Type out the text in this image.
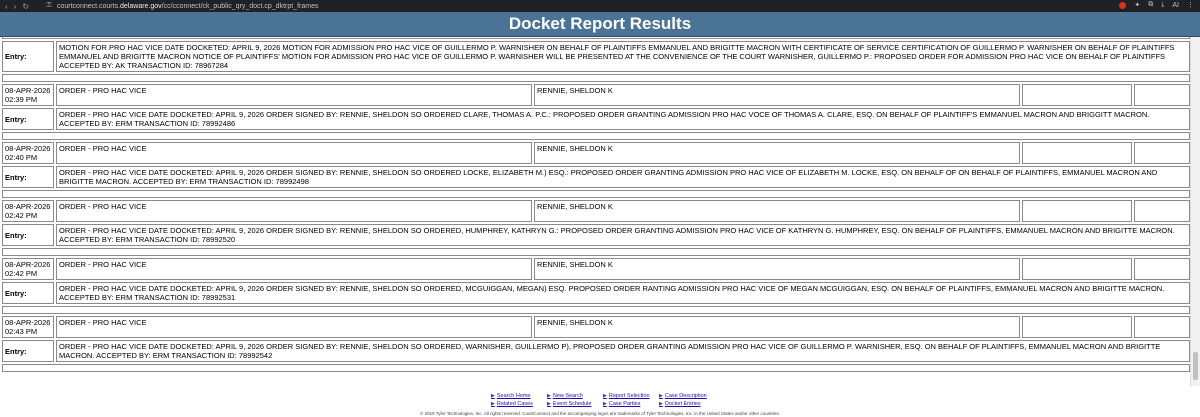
‹ › ↻ ⚿ courtconnect.courts.delaware.gov/cc/cconnect/ck_public_qry_doct.cp_dktrpt_frames	✦ ⧉ ⤓ AI ⋮
Docket Report Results

Entry:	MOTION FOR PRO HAC VICE DATE DOCKETED: APRIL 9, 2026 MOTION FOR ADMISSION PRO HAC VICE OF GUILLERMO P. WARNISHER ON BEHALF OF PLAINTIFFS EMMANUEL AND BRIGITTE MACRON WITH CERTIFICATE OF SERVICE CERTIFICATION OF GUILLERMO P. WARNISHER ON BEHALF OF PLAINTIFFS EMMANUEL AND BRIGITTE MACRON NOTICE OF PLAINTIFFS' MOTION FOR ADMISSION PRO HAC VICE OF GUILLERMO P. WARNISHER WILL BE PRESENTED AT THE CONVENIENCE OF THE COURT WARNISHER, GUILLERMO P.: PROPOSED ORDER FOR ADMISSION PRO HAC VICE ON BEHALF OF PLAINTIFFS ACCEPTED BY: AK TRANSACTION ID: 78967284			

08-APR-2026
02:39 PM	ORDER - PRO HAC VICE	RENNIE, SHELDON K		
Entry:	ORDER - PRO HAC VICE DATE DOCKETED: APRIL 9, 2026 ORDER SIGNED BY: RENNIE, SHELDON SO ORDERED CLARE, THOMAS A. P.C.: PROPOSED ORDER GRANTING ADMISSION PRO HAC VOCE OF THOMAS A. CLARE, ESQ. ON BEHALF OF PLAINTIFF'S EMMANUEL MACRON AND BRIGGITT MACRON. ACCEPTED BY: ERM TRANSACTION ID: 78992486			

08-APR-2026
02:40 PM	ORDER - PRO HAC VICE	RENNIE, SHELDON K		
Entry:	ORDER - PRO HAC VICE DATE DOCKETED: APRIL 9, 2026 ORDER SIGNED BY: RENNIE, SHELDON SO ORDERED LOCKE, ELIZABETH M.) ESQ.: PROPOSED ORDER GRANTING ADMISSION PRO HAC VICE OF ELIZABETH M. LOCKE, ESQ. ON BEHALF OF ON BEHALF OF PLAINTIFFS, EMMANUEL MACRON AND BRIGITTE MACRON. ACCEPTED BY: ERM TRANSACTION ID: 78992498			

08-APR-2026
02:42 PM	ORDER - PRO HAC VICE	RENNIE, SHELDON K		
Entry:	ORDER - PRO HAC VICE DATE DOCKETED: APRIL 9, 2026 ORDER SIGNED BY: RENNIE, SHELDON SO ORDERED, HUMPHREY, KATHRYN G.: PROPOSED ORDER GRANTING ADMISSION PRO HAC VICE OF KATHRYN G. HUMPHREY, ESQ. ON BEHALF OF PLAINTIFFS, EMMANUEL MACRON AND BRIGITTE MACRON. ACCEPTED BY: ERM TRANSACTION ID: 78992520			

08-APR-2026
02:42 PM	ORDER - PRO HAC VICE	RENNIE, SHELDON K		
Entry:	ORDER - PRO HAC VICE DATE DOCKETED: APRIL 9, 2026 ORDER SIGNED BY: RENNIE, SHELDON SO ORDERED, MCGUIGGAN, MEGAN) ESQ. PROPOSED ORDER RANTING ADMISSION PRO HAC VICE OF MEGAN MCGUIGGAN, ESQ. ON BEHALF OF PLAINTIFFS, EMMANUEL MACRON AND BRIGITTE MACRON. ACCEPTED BY: ERM TRANSACTION ID: 78992531			

08-APR-2026
02:43 PM	ORDER - PRO HAC VICE	RENNIE, SHELDON K		
Entry:	ORDER - PRO HAC VICE DATE DOCKETED: APRIL 9, 2026 ORDER SIGNED BY: RENNIE, SHELDON SO ORDERED, WARNISHER, GUILLERMO P), PROPOSED ORDER GRANTING ADMISSION PRO HAC VICE OF GUILLERMO P. WARNISHER, ESQ. ON BEHALF OF PLAINTIFFS, EMMANUEL MACRON AND BRIGITTE MACRON. ACCEPTED BY: ERM TRANSACTION ID: 78992542			

▶ Search Home	▶ New Search	▶ Report Selection ▶ Case Description
▶ Related Cases	▶ Event Schedule ▶ Case Parties	▶ Docket Entries
© 2019 Tyler Technologies, Inc. All rights reserved. CourtConnect and the accompanying logos are trademarks of Tyler Technologies, Inc. in the United States and/or other countries.
